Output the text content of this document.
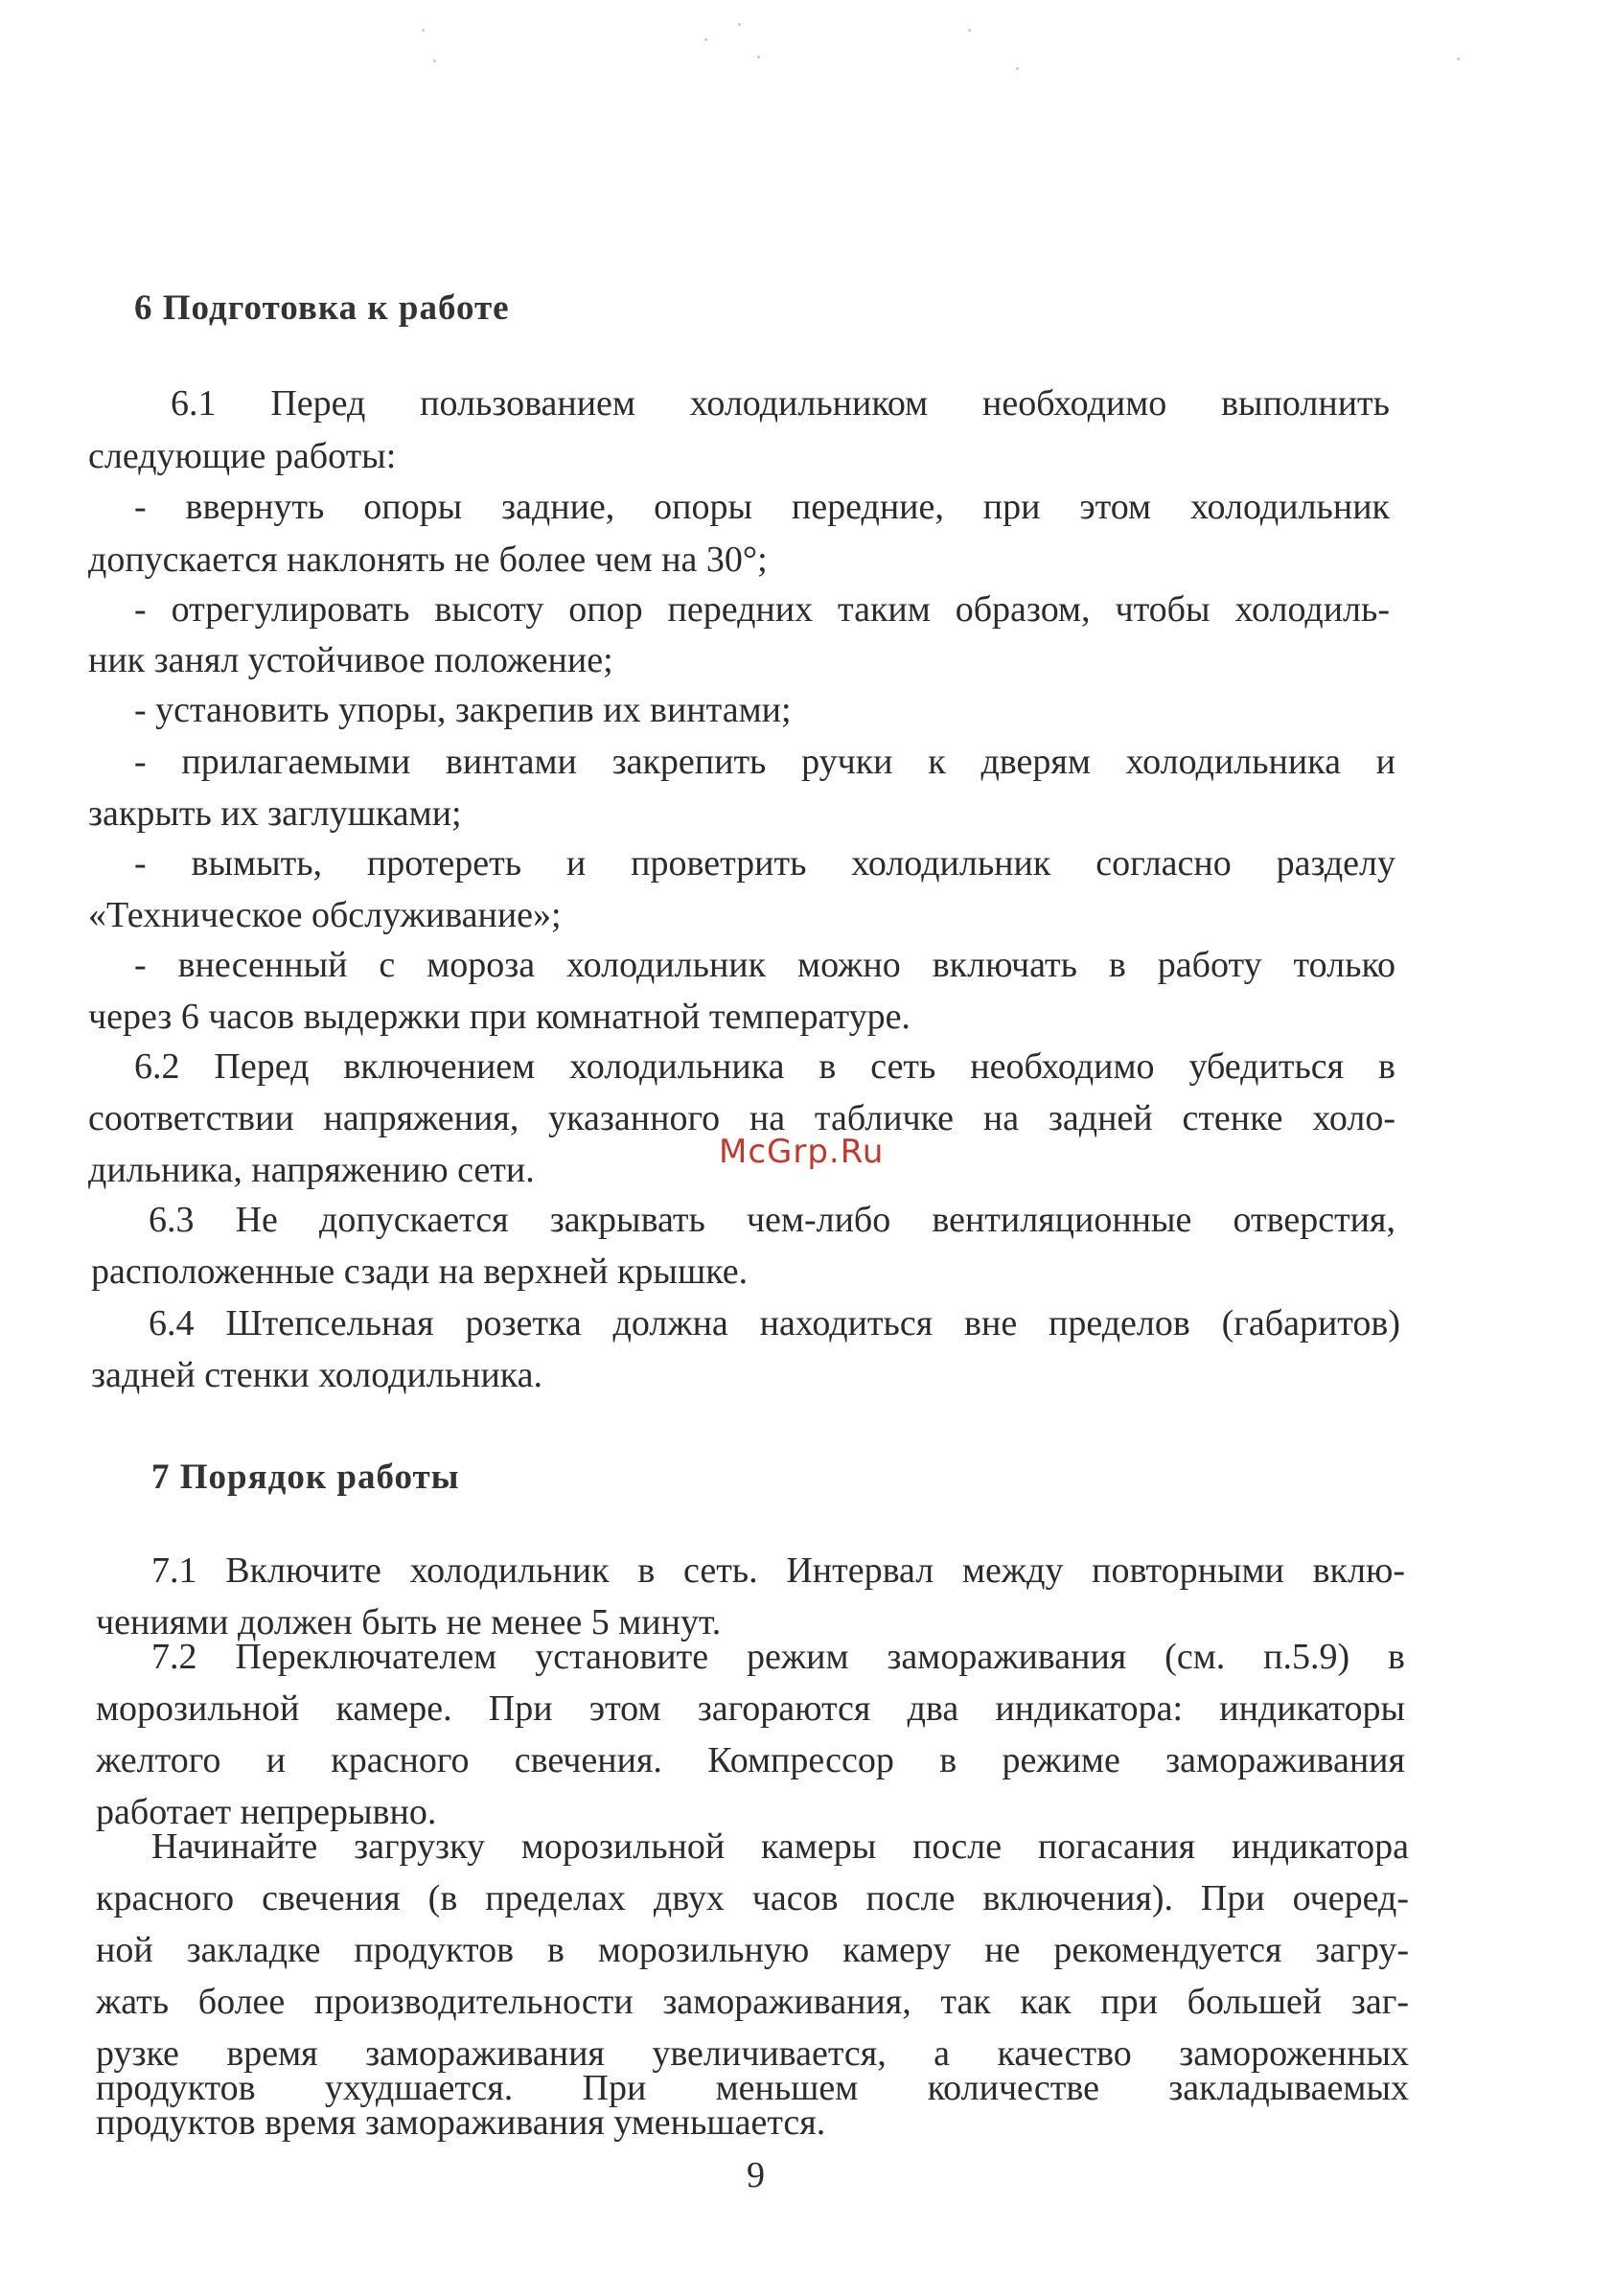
6 Подготовка к работе
6.1 Перед пользованием холодильником необходимо выполнить
следующие работы:
- ввернуть опоры задние, опоры передние, при этом холодильник
допускается наклонять не более чем на 30°;
- отрегулировать высоту опор передних таким образом, чтобы холодиль-
ник занял устойчивое положение;
- установить упоры, закрепив их винтами;
- прилагаемыми винтами закрепить ручки к дверям холодильника и
закрыть их заглушками;
- вымыть, протереть и проветрить холодильник согласно разделу
«Техническое обслуживание»;
- внесенный с мороза холодильник можно включать в работу только
через 6 часов выдержки при комнатной температуре.
6.2 Перед включением холодильника в сеть необходимо убедиться в
соответствии напряжения, указанного на табличке на задней стенке холо-
дильника, напряжению сети.
6.3 Не допускается закрывать чем-либо вентиляционные отверстия,
расположенные сзади на верхней крышке.
6.4 Штепсельная розетка должна находиться вне пределов (габаритов)
задней стенки холодильника.
McGrp.Ru
7 Порядок работы
7.1 Включите холодильник в сеть. Интервал между повторными вклю-
чениями должен быть не менее 5 минут.
7.2 Переключателем установите режим замораживания (см. п.5.9) в
морозильной камере. При этом загораются два индикатора: индикаторы
желтого и красного свечения. Компрессор в режиме замораживания
работает непрерывно.
Начинайте загрузку морозильной камеры после погасания индикатора
красного свечения (в пределах двух часов после включения). При очеред-
ной закладке продуктов в морозильную камеру не рекомендуется загру-
жать более производительности замораживания, так как при большей заг-
рузке время замораживания увеличивается, а качество замороженных
продуктов ухудшается. При меньшем количестве закладываемых
продуктов время замораживания уменьшается.
9
